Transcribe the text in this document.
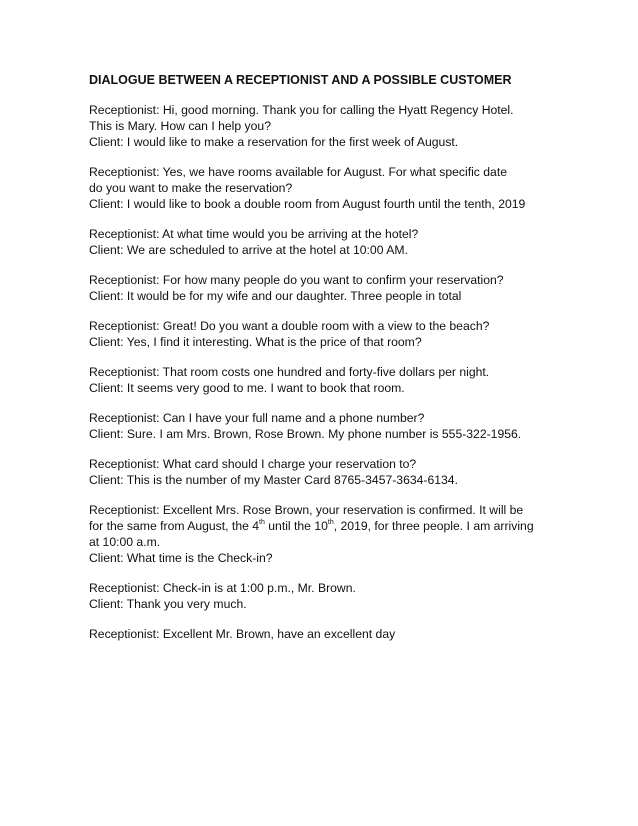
DIALOGUE BETWEEN A RECEPTIONIST AND A POSSIBLE CUSTOMER

Receptionist: Hi, good morning. Thank you for calling the Hyatt Regency Hotel.

This is Mary. How can I help you?

Client: I would like to make a reservation for the first week of August.

Receptionist: Yes, we have rooms available for August. For what specific date

do you want to make the reservation?

Client: I would like to book a double room from August fourth until the tenth, 2019

Receptionist: At what time would you be arriving at the hotel?

Client: We are scheduled to arrive at the hotel at 10:00 AM.

Receptionist: For how many people do you want to confirm your reservation?

Client: It would be for my wife and our daughter. Three people in total

Receptionist: Great! Do you want a double room with a view to the beach?

Client: Yes, I find it interesting. What is the price of that room?

Receptionist: That room costs one hundred and forty-five dollars per night.

Client: It seems very good to me. I want to book that room.

Receptionist: Can I have your full name and a phone number?

Client: Sure. I am Mrs. Brown, Rose Brown. My phone number is 555-322-1956.

Receptionist: What card should I charge your reservation to?

Client: This is the number of my Master Card 8765-3457-3634-6134.

Receptionist: Excellent Mrs. Rose Brown, your reservation is confirmed. It will be

for the same from August, the 4th until the 10th, 2019, for three people. I am arriving

at 10:00 a.m.

Client: What time is the Check-in?

Receptionist: Check-in is at 1:00 p.m., Mr. Brown.

Client: Thank you very much.

Receptionist: Excellent Mr. Brown, have an excellent day
